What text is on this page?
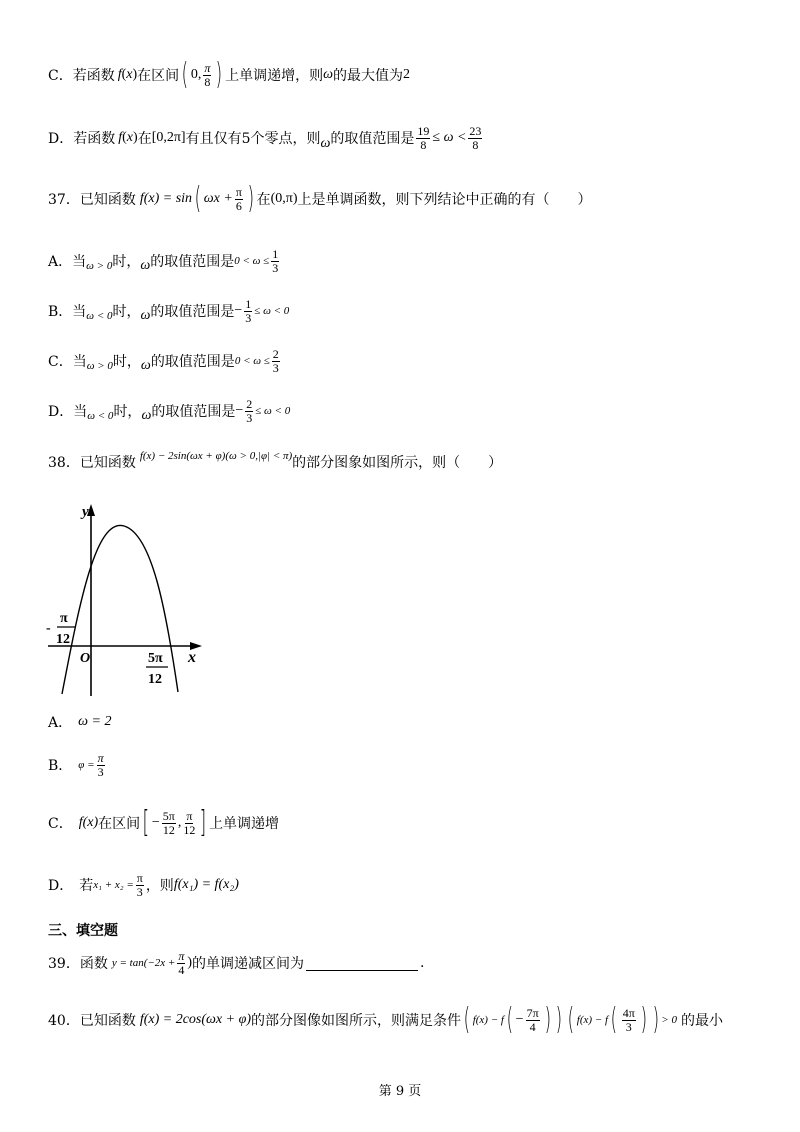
C． 若函数 f ( x ) 在区间 ( 0, $\frac{\pi}{8}$ ) 上单调递增，则 ω 的最大值为 2
D． 若函数 f ( x ) 在 [0,2π] 有且仅有5个零点，则 ω 的取值范围是 $\frac{19}{8} \le \omega < \frac{23}{8}$
37． 已知函数 f(x) = sin ( $\omega x + \frac{\pi}{6}$ ) 在 (0,π) 上是单调函数，则下列结论中正确的有（　　）
A． 当 ω > 0 时， ω 的取值范围是 $0 < \omega \le \frac{1}{3}$
B． 当 ω < 0 时， ω 的取值范围是 − $\frac{1}{3} \le \omega < 0$
C． 当 ω > 0 时， ω 的取值范围是 $0 < \omega \le \frac{2}{3}$
D． 当 ω < 0 时， ω 的取值范围是 − $\frac{2}{3} \le \omega < 0$
38． 已知函数 f(x) − 2sin(ωx + φ)(ω > 0,|φ| < π) 的部分图象如图所示，则（　　）
y
x
O
-
π
12
5π
12
A． ω = 2
B． $\varphi = \frac{\pi}{3}$
C． f(x) 在区间 [ − $\frac{5\pi}{12}$ , $\frac{\pi}{12}$ ] 上单调递增
D． 若 $x_1 + x_2 = \frac{\pi}{3}$ ，则 f(x₁) = f(x₂)
三、填空题
39． 函数 $y = \tan(-2x + \frac{\pi}{4}$ ) 的单调递减区间为	.
40． 已知函数 f(x) = 2cos(ωx + φ) 的部分图像如图所示，则满足条件 ( f(x) − f ( − $\frac{7\pi}{4}$ ) ) ( f(x) − f ( $\frac{4\pi}{3}$ ) ) > 0 的最小
第 9 页
